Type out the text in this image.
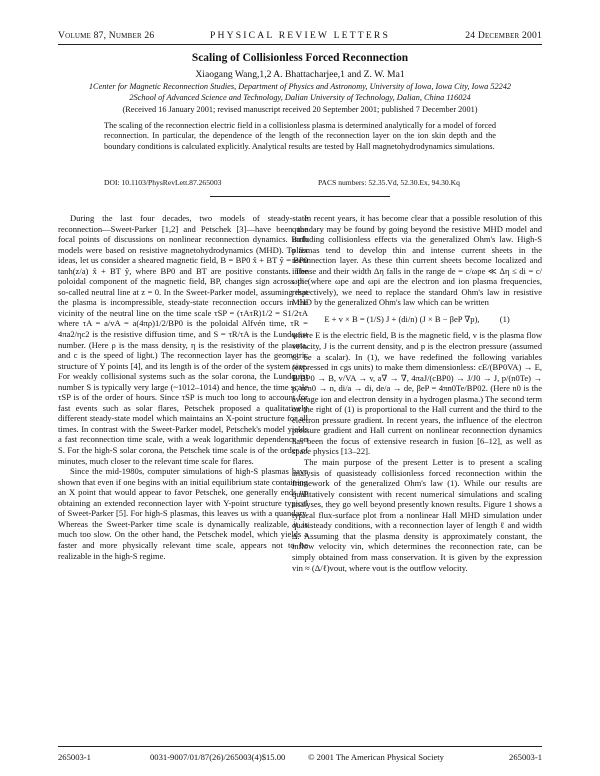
Volume 87, Number 26	PHYSICAL REVIEW LETTERS	24 December 2001
Scaling of Collisionless Forced Reconnection
Xiaogang Wang,1,2 A. Bhattacharjee,1 and Z. W. Ma1
1Center for Magnetic Reconnection Studies, Department of Physics and Astronomy, University of Iowa, Iowa City, Iowa 52242
2School of Advanced Science and Technology, Dalian University of Technology, Dalian, China 116024
(Received 16 January 2001; revised manuscript received 20 September 2001; published 7 December 2001)
The scaling of the reconnection electric field in a collisionless plasma is determined analytically for a model of forced reconnection. In particular, the dependence of the length of the reconnection layer on the ion skin depth and the boundary conditions is calculated explicitly. Analytical results are tested by Hall magnetohydrodynamics simulations.
DOI: 10.1103/PhysRevLett.87.265003	PACS numbers: 52.35.Vd, 52.30.Ex, 94.30.Kq

During the last four decades, two models of steady-state reconnection—Sweet-Parker [1,2] and Petschek [3]—have been the focal points of discussions on nonlinear reconnection dynamics. Both models were based on resistive magnetohydrodynamics (MHD). To fix ideas, let us consider a sheared magnetic field, B = BP0 x̂ + BT ŷ = BP0 tanh(z/a) x̂ + BT ŷ, where BP0 and BT are positive constants. The poloidal component of the magnetic field, BP, changes sign across the so-called neutral line at z = 0. In the Sweet-Parker model, assuming that the plasma is incompressible, steady-state reconnection occurs in the vicinity of the neutral line on the time scale τSP = (τAτR)1/2 = S1/2τA where τA = a/vA = a(4πρ)1/2/BP0 is the poloidal Alfvén time, τR = 4πa2/ηc2 is the resistive diffusion time, and S = τR/τA is the Lundquist number. (Here ρ is the mass density, η is the resistivity of the plasma, and c is the speed of light.) The reconnection layer has the geometric structure of Y points [4], and its length is of the order of the system size. For weakly collisional systems such as the solar corona, the Lundquist number S is typically very large (~1012–1014) and hence, the time scale τSP is of the order of hours. Since τSP is much too long to account for fast events such as solar flares, Petschek proposed a qualitatively different steady-state model which maintains an X-point structure for all times. In contrast with the Sweet-Parker model, Petschek's model yields a fast reconnection time scale, with a weak logarithmic dependence on S. For the high-S solar corona, the Petschek time scale is of the order of minutes, much closer to the relevant time scale for flares.

Since the mid-1980s, computer simulations of high-S plasmas have shown that even if one begins with an initial equilibrium state containing an X point that would appear to favor Petschek, one generally ends up obtaining an extended reconnection layer with Y-point structure typical of Sweet-Parker [5]. For high-S plasmas, this leaves us with a quandary. Whereas the Sweet-Parker time scale is dynamically realizable, it is much too slow. On the other hand, the Petschek model, which yields a faster and more physically relevant time scale, appears not to be realizable in the high-S regime.

In recent years, it has become clear that a possible resolution of this quandary may be found by going beyond the resistive MHD model and including collisionless effects via the generalized Ohm's law. High-S plasmas tend to develop thin and intense current sheets in the reconnection layer. As these thin current sheets become localized and intense and their width Δη falls in the range de = c/ωpe ≪ Δη ≤ di = c/ωpi (where ωpe and ωpi are the electron and ion plasma frequencies, respectively), we need to replace the standard Ohm's law in resistive MHD by the generalized Ohm's law which can be written

E + v × B = (1/S) J + (di/n) (J × B − βeP ∇p), (1)

where E is the electric field, B is the magnetic field, v is the plasma flow velocity, J is the current density, and p is the electron pressure (assumed to be a scalar). In (1), we have redefined the following variables (expressed in cgs units) to make them dimensionless: cE/(BP0VA) → E, B/BP0 → B, v/VA → v, a∇ → ∇, 4πaJ/(cBP0) → J/J0 → J, p/(n0Te) → p, n/n0 → n, di/a → di, de/a → de, βeP = 4πn0Te/BP02. (Here n0 is the average ion and electron density in a hydrogen plasma.) The second term on the right of (1) is proportional to the Hall current and the third to the electron pressure gradient. In recent years, the influence of the electron pressure gradient and Hall current on nonlinear reconnection dynamics has been the focus of extensive research in fusion [6–12], as well as space physics [13–22].

The main purpose of the present Letter is to present a scaling analysis of quasisteady collisionless forced reconnection within the framework of the generalized Ohm's law (1). While our results are qualitatively consistent with recent numerical simulations and scaling analyses, they go well beyond presently known results. Figure 1 shows a typical flux-surface plot from a nonlinear Hall MHD simulation under quasisteady conditions, with a reconnection layer of length ℓ and width Δ. Assuming that the plasma density is approximately constant, the inflow velocity vin, which determines the reconnection rate, can be simply obtained from mass conservation. It is given by the expression vin ≈ (Δ/ℓ)vout, where vout is the outflow velocity.

265003-1	0031-9007/01/87(26)/265003(4)$15.00	© 2001 The American Physical Society	265003-1
